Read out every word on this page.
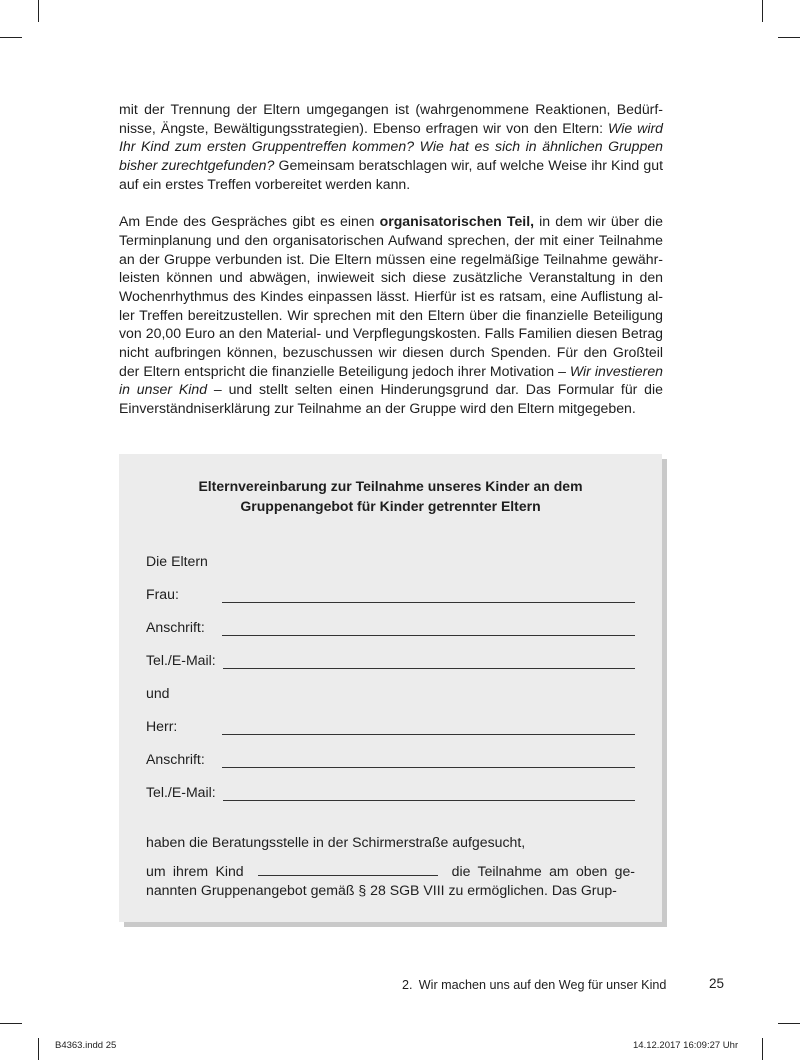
mit der Trennung der Eltern umgegangen ist (wahrgenommene Reaktionen, Bedürfnisse, Ängste, Bewältigungsstrategien). Ebenso erfragen wir von den Eltern: Wie wird Ihr Kind zum ersten Gruppentreffen kommen? Wie hat es sich in ähnlichen Gruppen bisher zurechtgefunden? Gemeinsam beratschlagen wir, auf welche Weise ihr Kind gut auf ein erstes Treffen vorbereitet werden kann.

Am Ende des Gespräches gibt es einen organisatorischen Teil, in dem wir über die Terminplanung und den organisatorischen Aufwand sprechen, der mit einer Teilnahme an der Gruppe verbunden ist. Die Eltern müssen eine regelmäßige Teilnahme gewährleisten können und abwägen, inwieweit sich diese zusätzliche Veranstaltung in den Wochenrhythmus des Kindes einpassen lässt. Hierfür ist es ratsam, eine Auflistung aller Treffen bereitzustellen. Wir sprechen mit den Eltern über die finanzielle Beteiligung von 20,00 Euro an den Material- und Verpflegungskosten. Falls Familien diesen Betrag nicht aufbringen können, bezuschussen wir diesen durch Spenden. Für den Großteil der Eltern entspricht die finanzielle Beteiligung jedoch ihrer Motivation – Wir investieren in unser Kind – und stellt selten einen Hinderungsgrund dar. Das Formular für die Einverständniserklärung zur Teilnahme an der Gruppe wird den Eltern mitgegeben.

Elternvereinbarung zur Teilnahme unseres Kinder an dem
Gruppenangebot für Kinder getrennter Eltern
Die Eltern
Frau:
Anschrift:
Tel./E-Mail:
und
Herr:
Anschrift:
Tel./E-Mail:
haben die Beratungsstelle in der Schirmerstraße aufgesucht,
um ihrem Kind	die Teilnahme am oben genannten Gruppenangebot gemäß § 28 SGB VIII zu ermöglichen. Das Grup-
2. Wir machen uns auf den Weg für unser Kind	25
B4363.indd 25	14.12.2017 16:09:27 Uhr
